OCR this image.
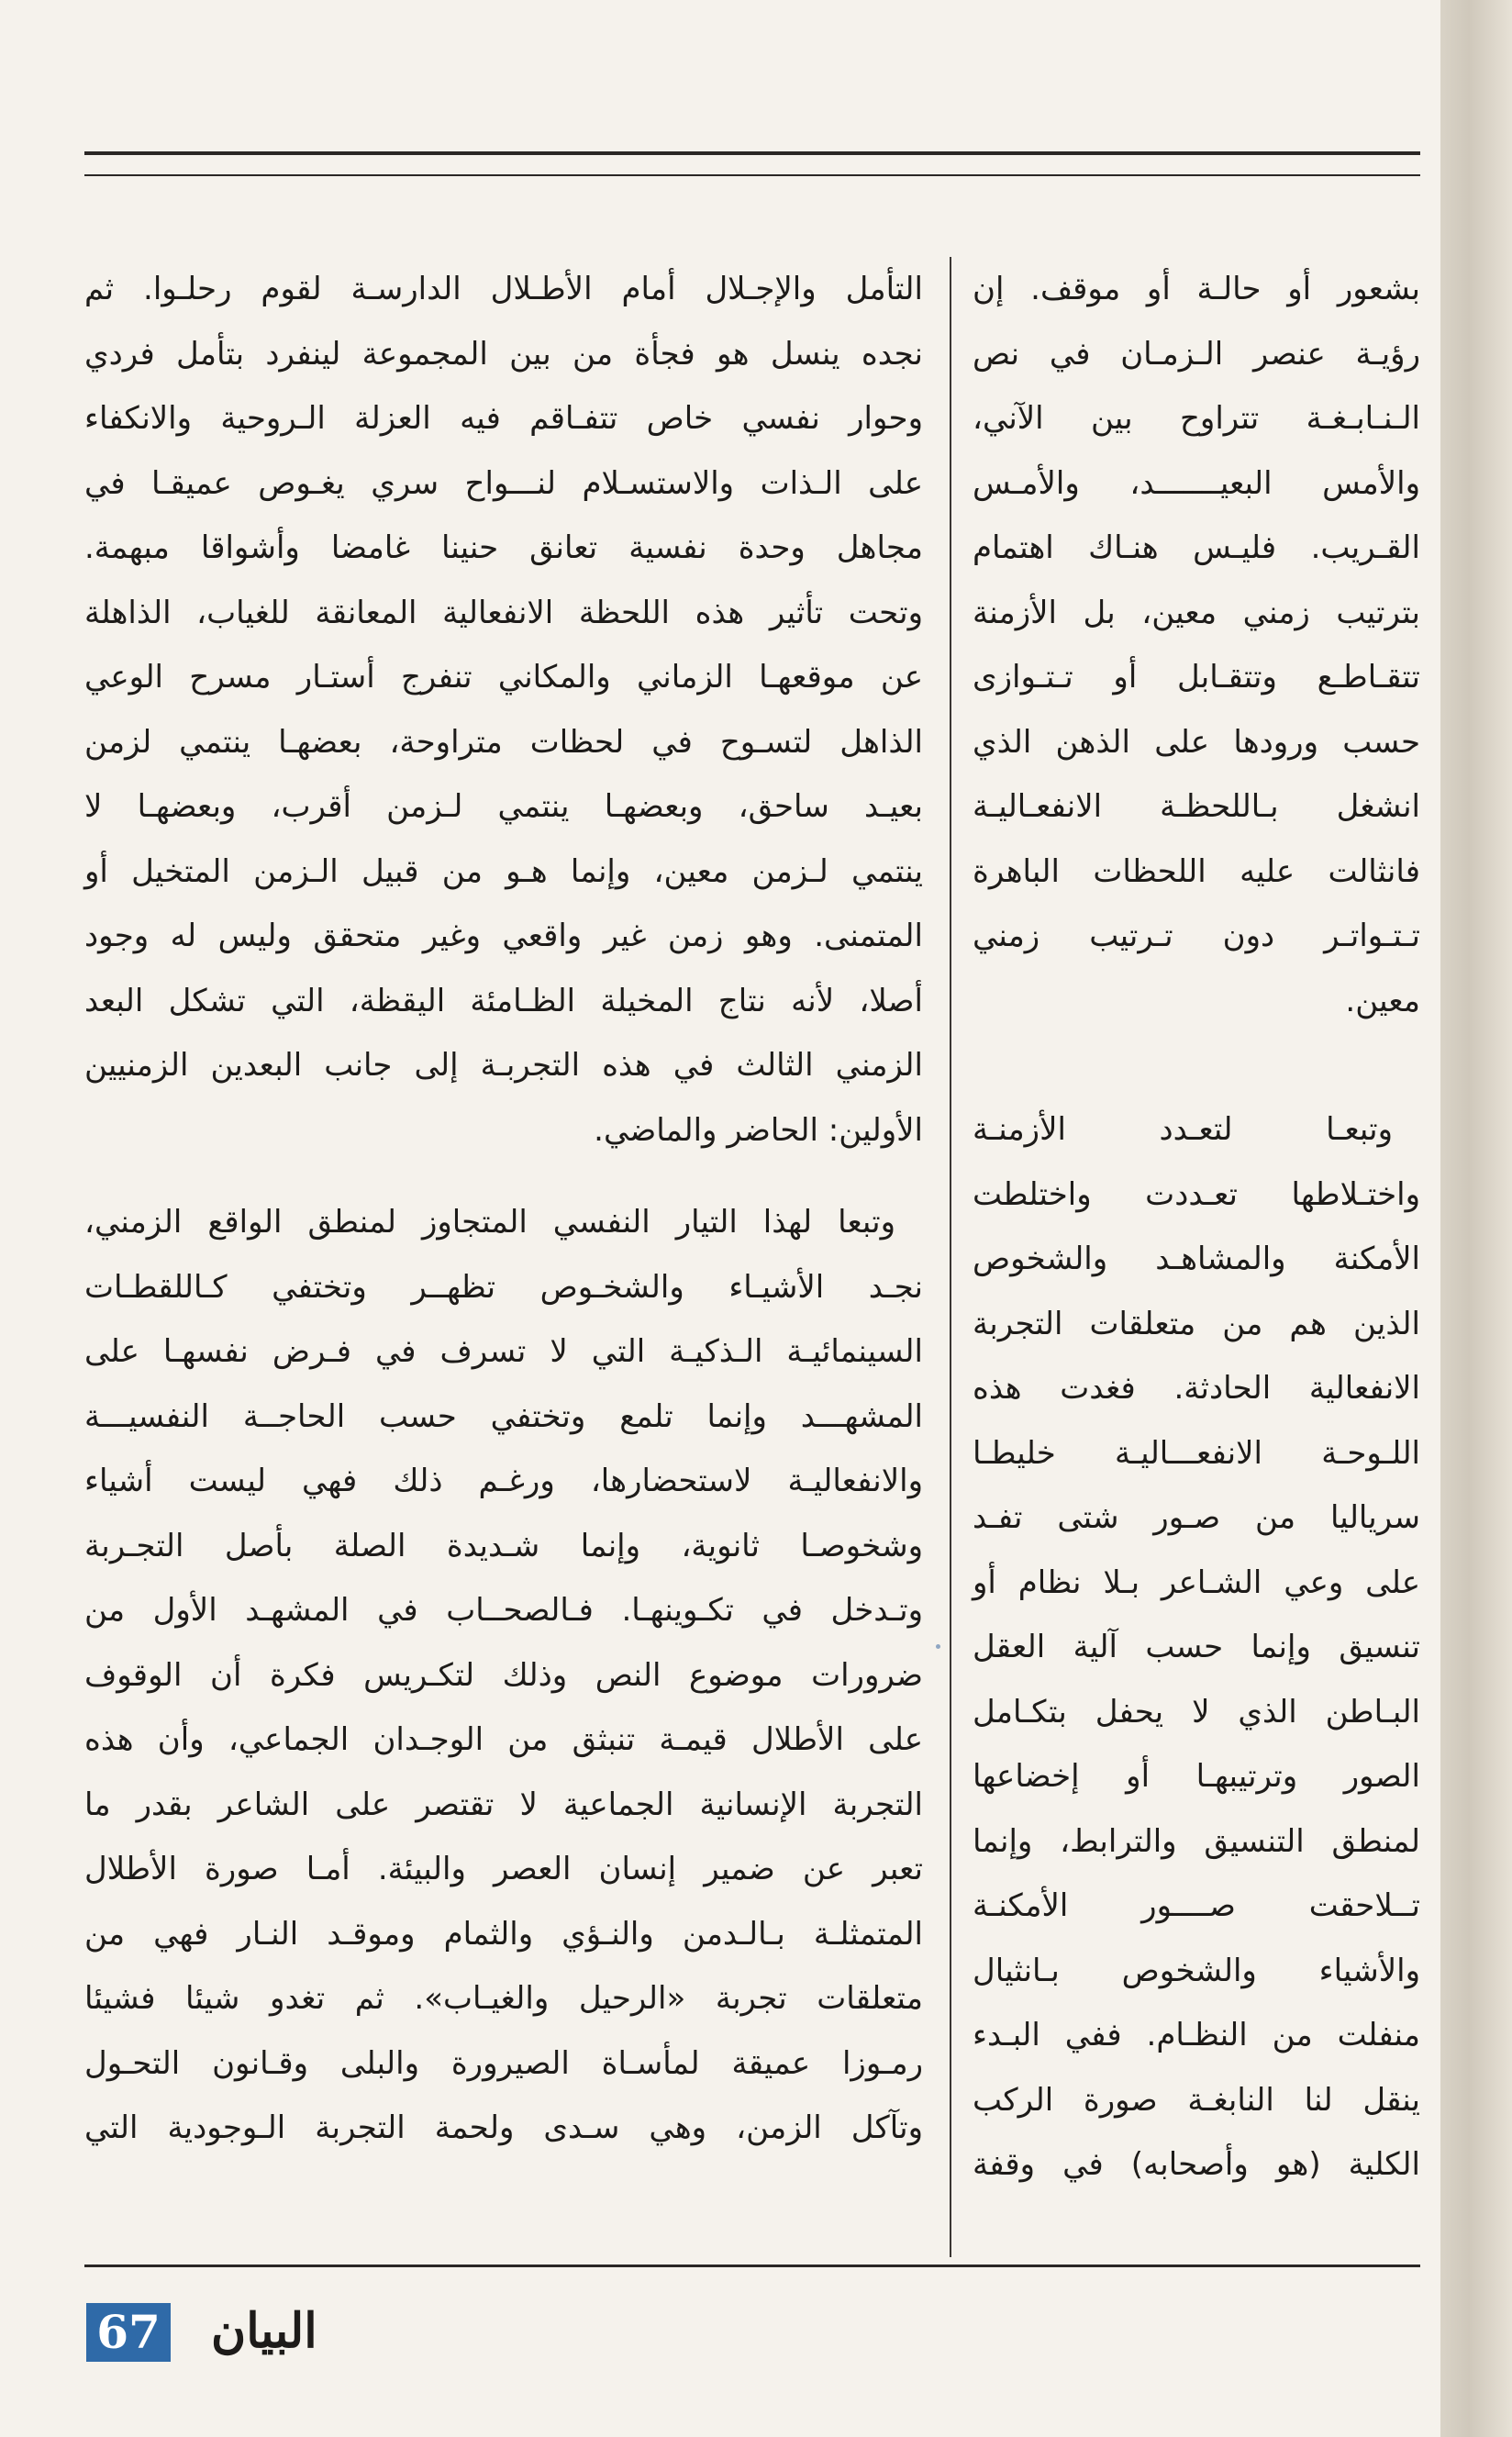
بشعور أو حالـة أو موقف. إن
رؤيـة عنصر الـزمـان في نص
الـنـابـغـة تتراوح بين الآني،
والأمس البعيـــــــد، والأمـس
القـريب. فليـس هنـاك اهتمام
بترتيب زمني معين، بل الأزمنة
تتقـاطـع وتتقـابل أو تـتـوازى
حسب ورودها على الذهن الذي
انشغل بـاللحظـة الانفعـاليـة
فانثالت عليه اللحظات الباهرة
تـتـواتـر دون تـرتيب زمني
معين.

وتبعـا لتعـدد الأزمنـة
واختـلاطها تعـددت واختلطت
الأمكنة والمشاهـد والشخوص
الذين هم من متعلقات التجربة
الانفعالية الحادثة. فغدت هذه
اللـوحـة الانفعـــاليـة خليطـا
سرياليا من صـور شتى تفـد
على وعي الشـاعر بـلا نظام أو
تنسيق وإنما حسب آلية العقل
البـاطن الذي لا يحفل بتكـامل
الصور وترتيبهـا أو إخضاعها
لمنطق التنسيق والترابط، وإنما
تــلاحقت صــــور الأمكنـة
والأشياء والشخوص بـانثيال
منفلت من النظـام. ففي البـدء
ينقل لنا النابغـة صورة الركب
الكلية (هو وأصحابه) في وقفة

التأمل والإجـلال أمام الأطـلال الدارسـة لقوم رحلـوا. ثم
نجده ينسل هو فجأة من بين المجموعة لينفرد بتأمل فردي
وحوار نفسي خاص تتفـاقم فيه العزلة الـروحية والانكفاء
على الـذات والاستسـلام لنـــواح سري يغـوص عميقـا في
مجاهل وحدة نفسية تعانق حنينا غامضا وأشواقا مبهمة.
وتحت تأثير هذه اللحظة الانفعالية المعانقة للغياب، الذاهلة
عن موقعهـا الزماني والمكاني تنفرج أستـار مسرح الوعي
الذاهل لتسـوح في لحظات متراوحة، بعضهـا ينتمي لزمن
بعيـد ساحق، وبعضهـا ينتمي لـزمن أقرب، وبعضهـا لا
ينتمي لـزمن معين، وإنما هـو من قبيل الـزمن المتخيل أو
المتمنى. وهو زمن غير واقعي وغير متحقق وليس له وجود
أصلا، لأنه نتاج المخيلة الظـامئة اليقظة، التي تشكل البعد
الزمني الثالث في هذه التجربـة إلى جانب البعدين الزمنيين
الأولين: الحاضر والماضي.

وتبعا لهذا التيار النفسي المتجاوز لمنطق الواقع الزمني،
نجـد الأشيـاء والشخـوص تظهــر وتختفي كـاللقطـات
السينمائيـة الـذكيـة التي لا تسرف في فـرض نفسهـا على
المشهـــد وإنما تلمع وتختفي حسب الحاجــة النفسيـــة
والانفعاليـة لاستحضارها، ورغـم ذلك فهي ليست أشياء
وشخوصـا ثانوية، وإنما شـديدة الصلة بأصل التجـربة
وتـدخل في تكـوينهـا. فـالصحــاب في المشهـد الأول من
ضرورات موضوع النص وذلك لتكـريس فكرة أن الوقوف
على الأطلال قيمـة تنبثق من الوجـدان الجماعي، وأن هذه
التجربة الإنسانية الجماعية لا تقتصر على الشاعر بقدر ما
تعبر عن ضمير إنسان العصر والبيئة. أمـا صورة الأطلال
المتمثلـة بـالـدمن والنـؤي والثمام وموقـد النـار فهي من
متعلقات تجربة «الرحيل والغيـاب». ثم تغدو شيئا فشيئا
رمـوزا عميقة لمأسـاة الصيرورة والبلى وقـانون التحـول
وتآكل الزمن، وهي سـدى ولحمة التجربة الـوجودية التي

البيان
67
